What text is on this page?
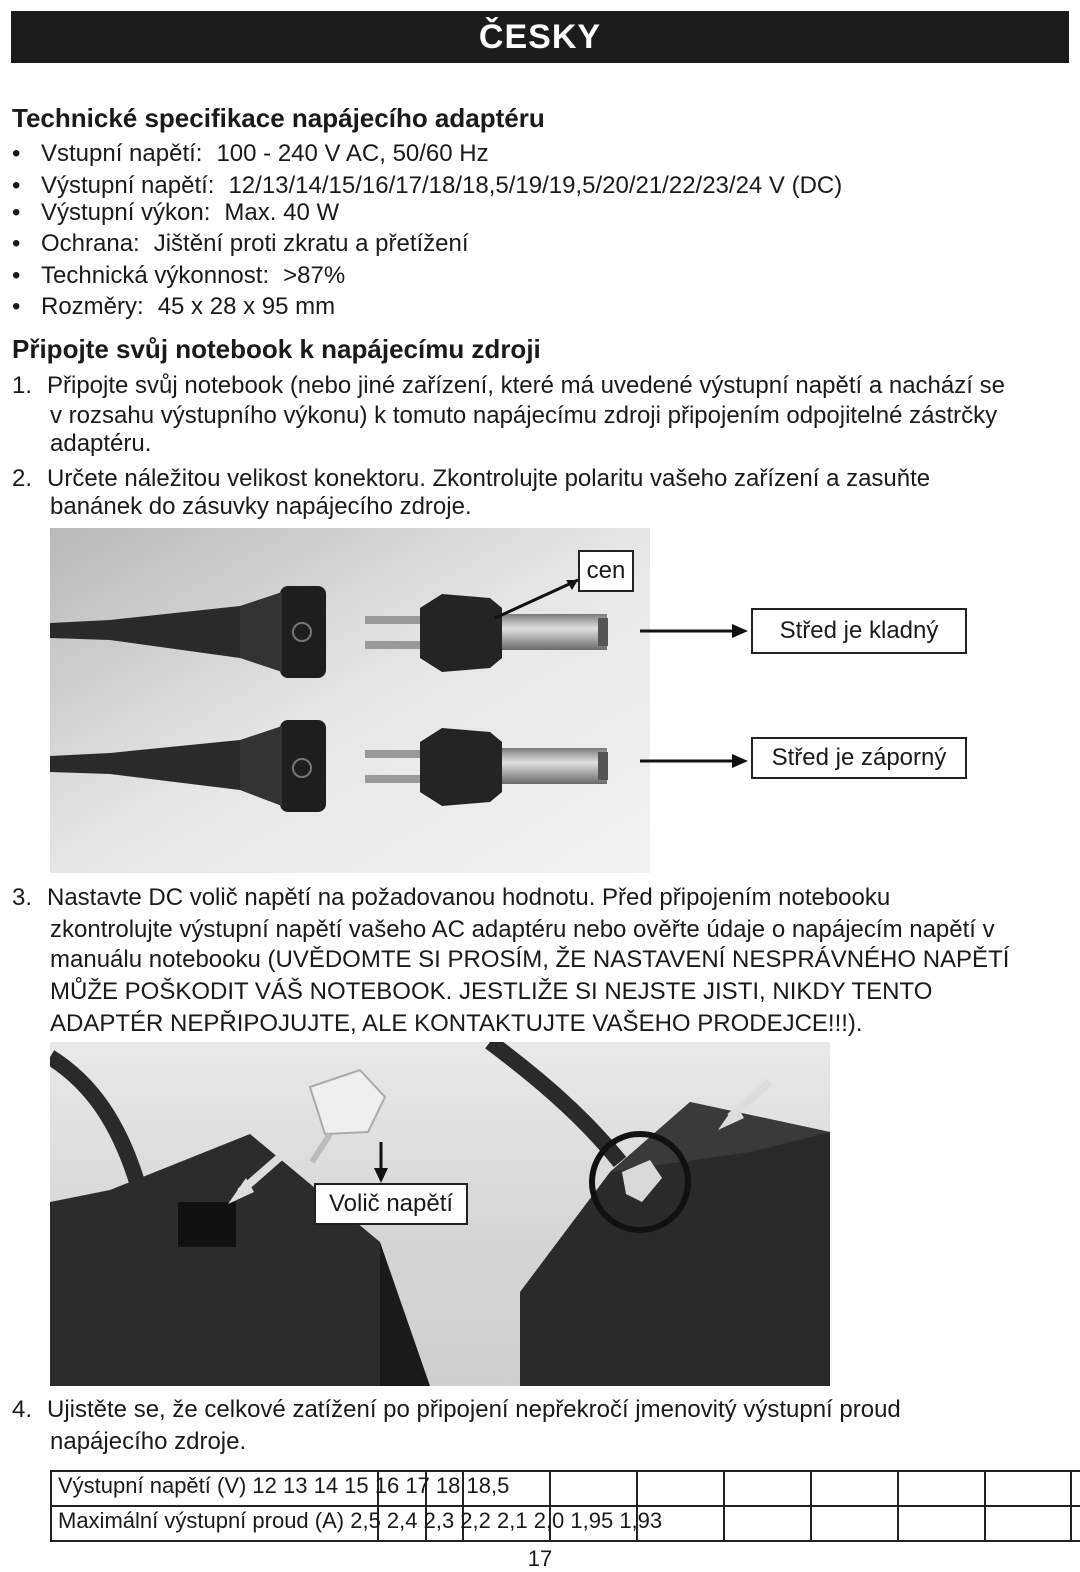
ČESKY
Technické specifikace napájecího adaptéru
• Vstupní napětí: 100 - 240 V AC, 50/60 Hz
• Výstupní napětí: 12/13/14/15/16/17/18/18,5/19/19,5/20/21/22/23/24 V (DC)
• Výstupní výkon: Max. 40 W
• Ochrana: Jištění proti zkratu a přetížení
• Technická výkonnost: >87%
• Rozměry: 45 x 28 x 95 mm
Připojte svůj notebook k napájecímu zdroji
1. Připojte svůj notebook (nebo jiné zařízení, které má uvedené výstupní napětí a nachází se
v rozsahu výstupního výkonu) k tomuto napájecímu zdroji připojením odpojitelné zástrčky
adaptéru.
2. Určete náležitou velikost konektoru. Zkontrolujte polaritu vašeho zařízení a zasuňte
banánek do zásuvky napájecího zdroje.
cen
Střed je kladný
Střed je záporný
3. Nastavte DC volič napětí na požadovanou hodnotu. Před připojením notebooku
zkontrolujte výstupní napětí vašeho AC adaptéru nebo ověřte údaje o napájecím napětí v
manuálu notebooku (UVĚDOMTE SI PROSÍM, ŽE NASTAVENÍ NESPRÁVNÉHO NAPĚTÍ
MŮŽE POŠKODIT VÁŠ NOTEBOOK. JESTLIŽE SI NEJSTE JISTI, NIKDY TENTO
ADAPTÉR NEPŘIPOJUJTE, ALE KONTAKTUJTE VAŠEHO PRODEJCE!!!).
Volič napětí
4. Ujistěte se, že celkové zatížení po připojení nepřekročí jmenovitý výstupní proud
napájecího zdroje.

Výstupní napětí (V) 12 13 14 15 16 17 18 18,5
Maximální výstupní proud (A) 2,5 2,4 2,3 2,2 2,1 2,0 1,95 1,93
17
